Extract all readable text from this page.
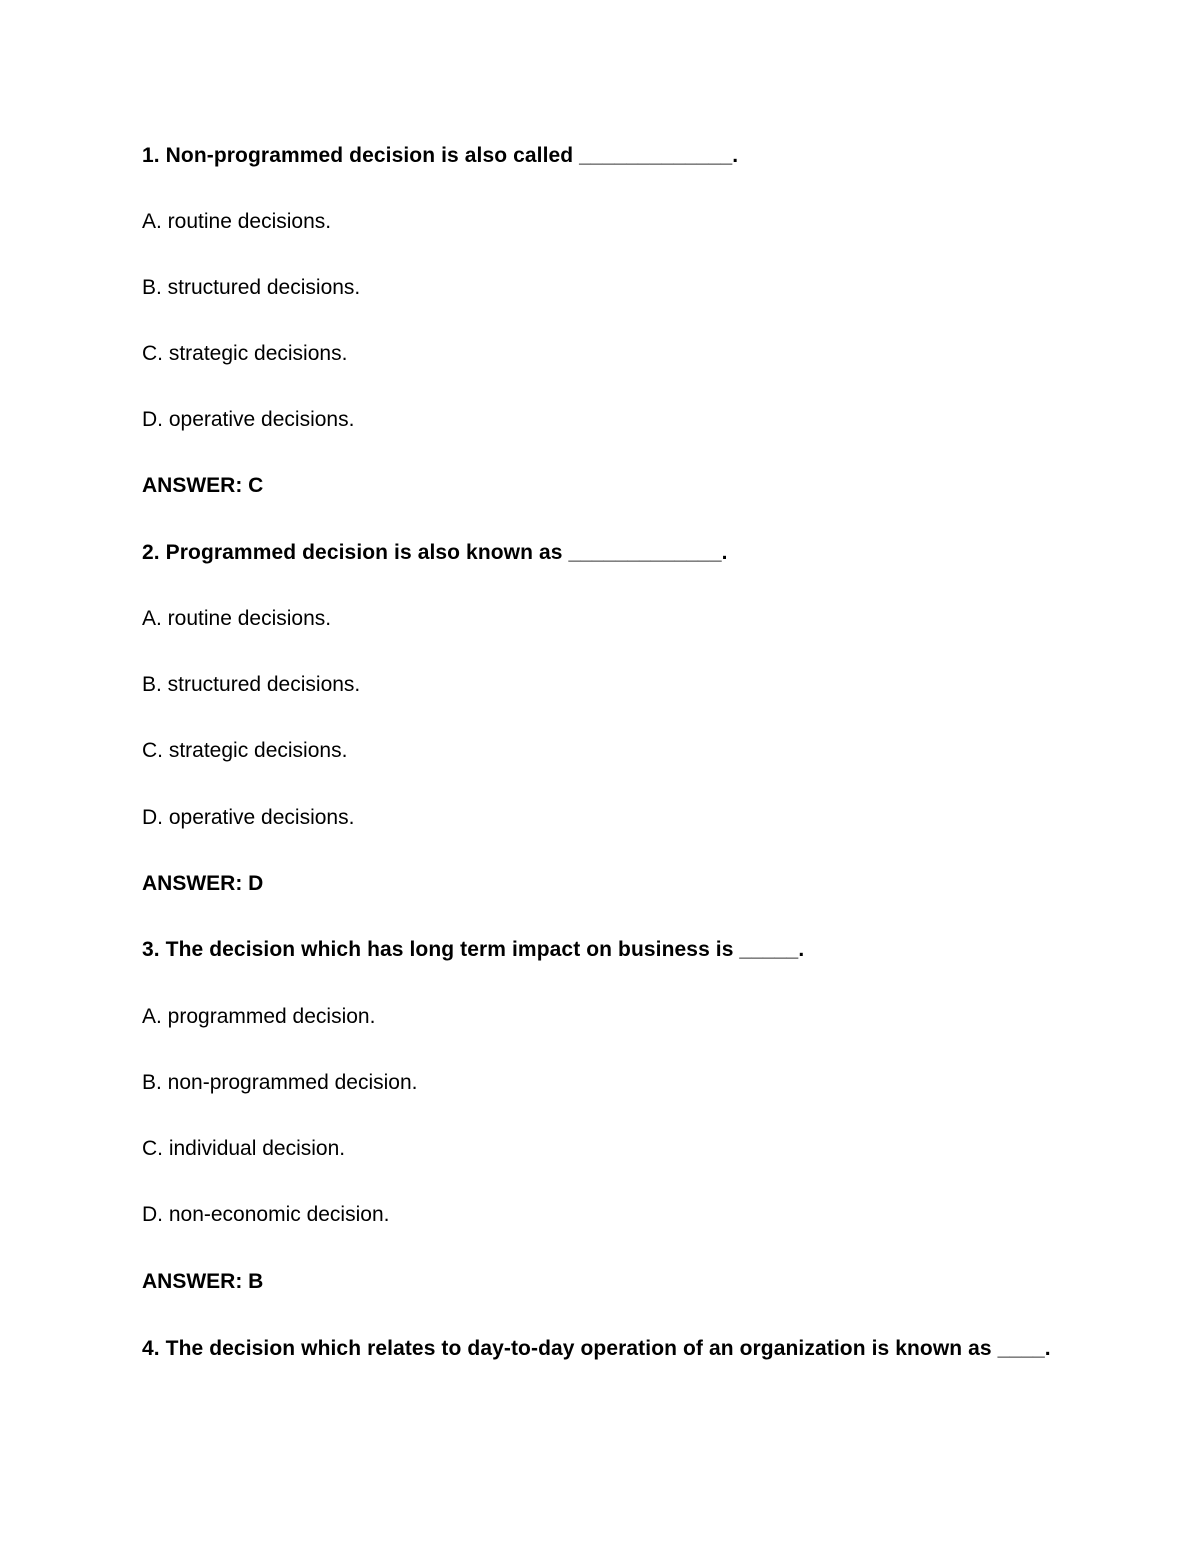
1. Non-programmed decision is also called _____________.
A. routine decisions.
B. structured decisions.
C. strategic decisions.
D. operative decisions.
ANSWER: C
2. Programmed decision is also known as _____________.
A. routine decisions.
B. structured decisions.
C. strategic decisions.
D. operative decisions.
ANSWER: D
3. The decision which has long term impact on business is _____.
A. programmed decision.
B. non-programmed decision.
C. individual decision.
D. non-economic decision.
ANSWER: B
4. The decision which relates to day-to-day operation of an organization is known as ____.
